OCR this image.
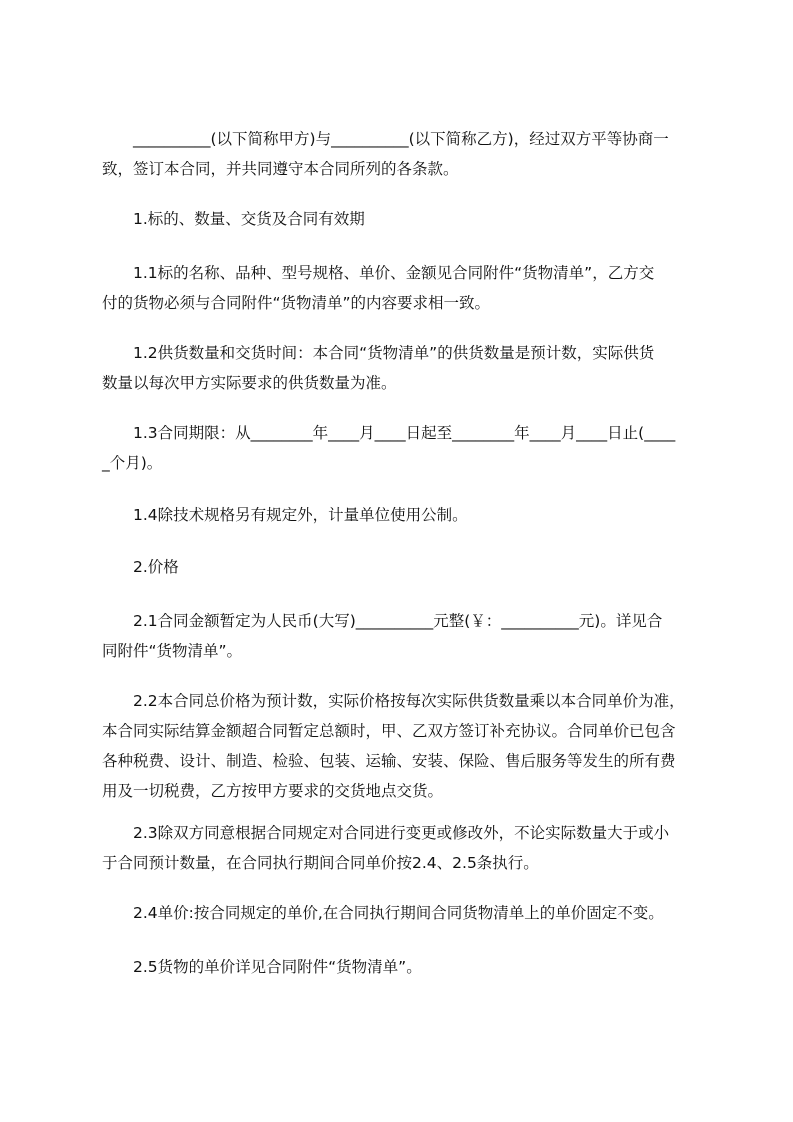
　　__________(以下简称甲方)与__________(以下简称乙方)，经过双方平等协商一
致，签订本合同，并共同遵守本合同所列的各条款。
　　1.标的、数量、交货及合同有效期
　　1.1标的名称、品种、型号规格、单价、金额见合同附件“货物清单”，乙方交
付的货物必须与合同附件“货物清单”的内容要求相一致。
　　1.2供货数量和交货时间：本合同“货物清单”的供货数量是预计数，实际供货
数量以每次甲方实际要求的供货数量为准。
　　1.3合同期限：从________年____月____日起至________年____月____日止(____
_个月)。
　　1.4除技术规格另有规定外，计量单位使用公制。
　　2.价格
　　2.1合同金额暂定为人民币(大写)__________元整(￥：__________元)。详见合
同附件“货物清单”。
　　2.2本合同总价格为预计数，实际价格按每次实际供货数量乘以本合同单价为准，
本合同实际结算金额超合同暂定总额时，甲、乙双方签订补充协议。合同单价已包含
各种税费、设计、制造、检验、包装、运输、安装、保险、售后服务等发生的所有费
用及一切税费，乙方按甲方要求的交货地点交货。
　　2.3除双方同意根据合同规定对合同进行变更或修改外，不论实际数量大于或小
于合同预计数量，在合同执行期间合同单价按2.4、2.5条执行。
　　2.4单价:按合同规定的单价,在合同执行期间合同货物清单上的单价固定不变。
　　2.5货物的单价详见合同附件“货物清单”。
